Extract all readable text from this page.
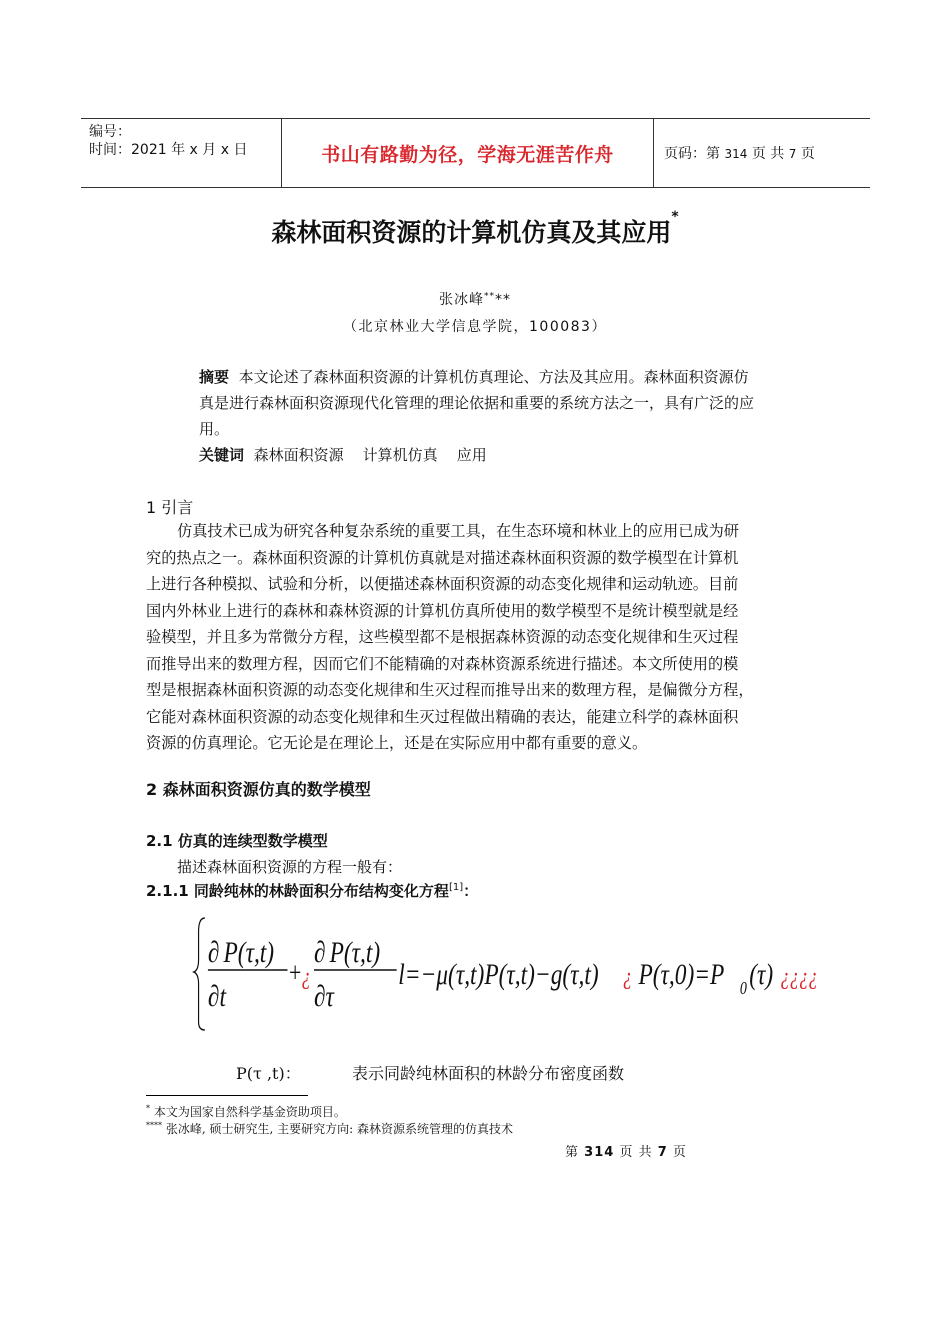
编号：
时间：2021 年 x 月 x 日	书山有路勤为径，学海无涯苦作舟	页码：第 314 页 共 7 页
森林面积资源的计算机仿真及其应用*
张冰峰****
（北京林业大学信息学院，100083）
摘要 本文论述了森林面积资源的计算机仿真理论、方法及其应用。森林面积资源仿真是进行森林面积资源现代化管理的理论依据和重要的系统方法之一，具有广泛的应用。
关键词 森林面积资源    计算机仿真    应用
1 引言
仿真技术已成为研究各种复杂系统的重要工具，在生态环境和林业上的应用已成为研
究的热点之一。森林面积资源的计算机仿真就是对描述森林面积资源的数学模型在计算机
上进行各种模拟、试验和分析，以便描述森林面积资源的动态变化规律和运动轨迹。目前
国内外林业上进行的森林和森林资源的计算机仿真所使用的数学模型不是统计模型就是经
验模型，并且多为常微分方程，这些模型都不是根据森林资源的动态变化规律和生灭过程
而推导出来的数理方程，因而它们不能精确的对森林资源系统进行描述。本文所使用的模
型是根据森林面积资源的动态变化规律和生灭过程而推导出来的数理方程，是偏微分方程，
它能对森林面积资源的动态变化规律和生灭过程做出精确的表达，能建立科学的森林面积
资源的仿真理论。它无论是在理论上，还是在实际应用中都有重要的意义。
2 森林面积资源仿真的数学模型
2.1 仿真的连续型数学模型
描述森林面积资源的方程一般有：
2.1.1 同龄纯林的林龄面积分布结构变化方程[1]：
∂ P(τ,t)
∂t
+ ¿
∂ P(τ,t)
∂τ
l=−μ(τ,t)P(τ,t)−g(τ,t) ¿ P(τ,0)=P 0 (τ) ¿¿¿¿
P(τ ,t)：	表示同龄纯林面积的林龄分布密度函数
* 本文为国家自然科学基金资助项目。
**** 张冰峰, 硕士研究生, 主要研究方向: 森林资源系统管理的仿真技术
第 314 页 共 7 页
